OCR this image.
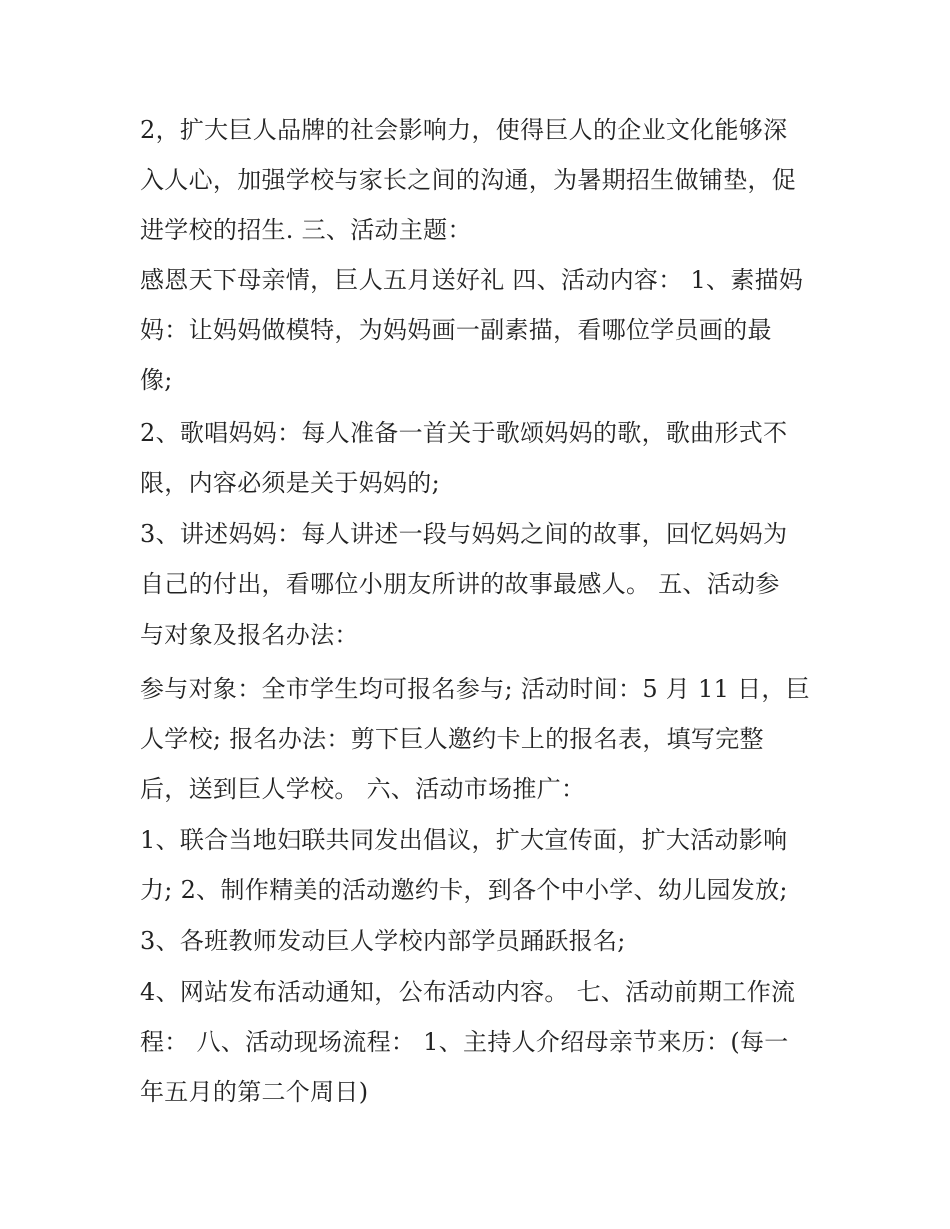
2，扩大巨人品牌的社会影响力，使得巨人的企业文化能够深
入人心，加强学校与家长之间的沟通，为暑期招生做铺垫，促
进学校的招生. 三、活动主题：
感恩天下母亲情，巨人五月送好礼 四、活动内容： 1、素描妈
妈：让妈妈做模特，为妈妈画一副素描，看哪位学员画的最
像;
2、歌唱妈妈：每人准备一首关于歌颂妈妈的歌，歌曲形式不
限，内容必须是关于妈妈的;
3、讲述妈妈：每人讲述一段与妈妈之间的故事，回忆妈妈为
自己的付出，看哪位小朋友所讲的故事最感人。 五、活动参
与对象及报名办法：
参与对象：全市学生均可报名参与; 活动时间：5 月 11 日，巨
人学校; 报名办法：剪下巨人邀约卡上的报名表，填写完整
后，送到巨人学校。 六、活动市场推广：
1、联合当地妇联共同发出倡议，扩大宣传面，扩大活动影响
力; 2、制作精美的活动邀约卡，到各个中小学、幼儿园发放;
3、各班教师发动巨人学校内部学员踊跃报名;
4、网站发布活动通知，公布活动内容。 七、活动前期工作流
程： 八、活动现场流程： 1、主持人介绍母亲节来历：(每一
年五月的第二个周日)
